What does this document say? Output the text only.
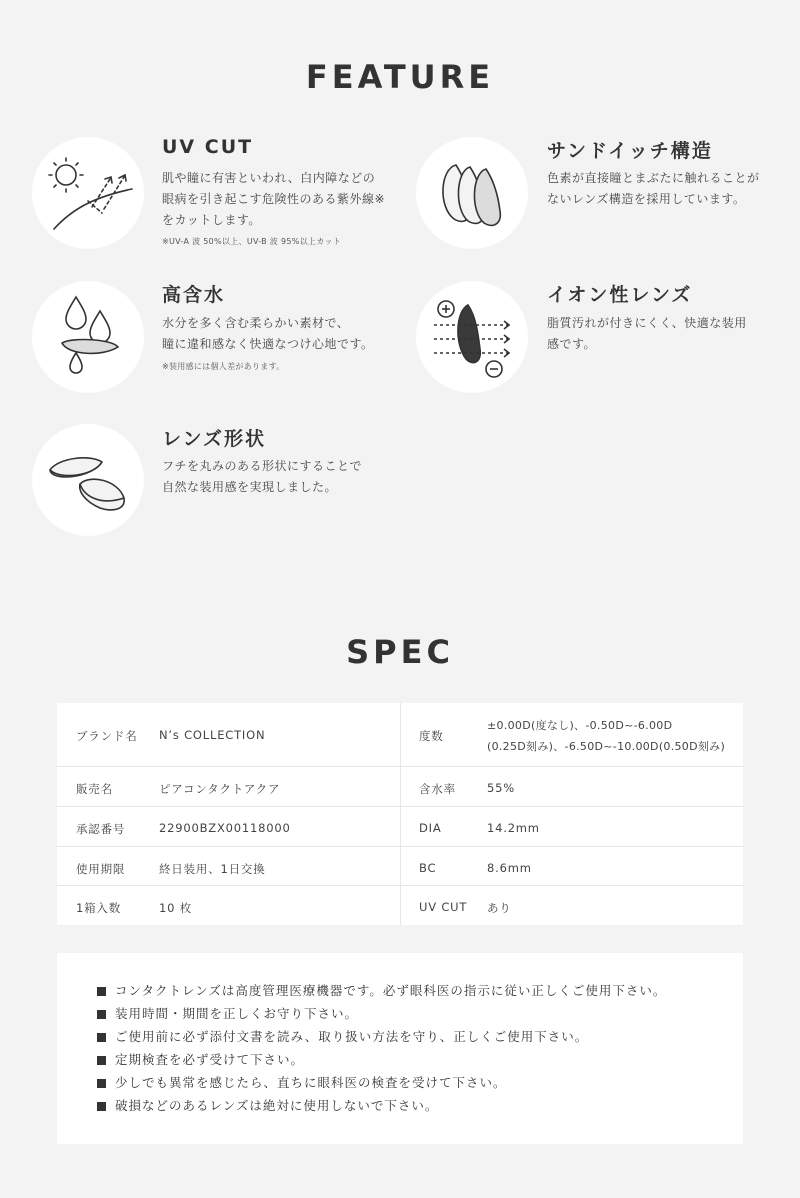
FEATURE
UV CUT
肌や瞳に有害といわれ、白内障などの
眼病を引き起こす危険性のある紫外線※
をカットします。
※UV-A 波 50%以上、UV-B 波 95%以上カット
サンドイッチ構造
色素が直接瞳とまぶたに触れることが
ないレンズ構造を採用しています。
高含水
水分を多く含む柔らかい素材で、
瞳に違和感なく快適なつけ心地です。
※装用感には個人差があります。
イオン性レンズ
脂質汚れが付きにくく、快適な装用
感です。
レンズ形状
フチを丸みのある形状にすることで
自然な装用感を実現しました。
SPEC
ブランド名 N’s COLLECTION	度数
±0.00D(度なし)、-0.50D~-6.00D
(0.25D刻み)、-6.50D~-10.00D(0.50D刻み)
販売名	ピアコンタクトアクア	含水率	55%
承認番号	22900BZX00118000	DIA	14.2mm
使用期限	終日装用、1日交換	BC	8.6mm
1箱入数	10 枚	UV CUT あり
コンタクトレンズは高度管理医療機器です。必ず眼科医の指示に従い正しくご使用下さい。
装用時間・期間を正しくお守り下さい。
ご使用前に必ず添付文書を読み、取り扱い方法を守り、正しくご使用下さい。
定期検査を必ず受けて下さい。
少しでも異常を感じたら、直ちに眼科医の検査を受けて下さい。
破損などのあるレンズは絶対に使用しないで下さい。
